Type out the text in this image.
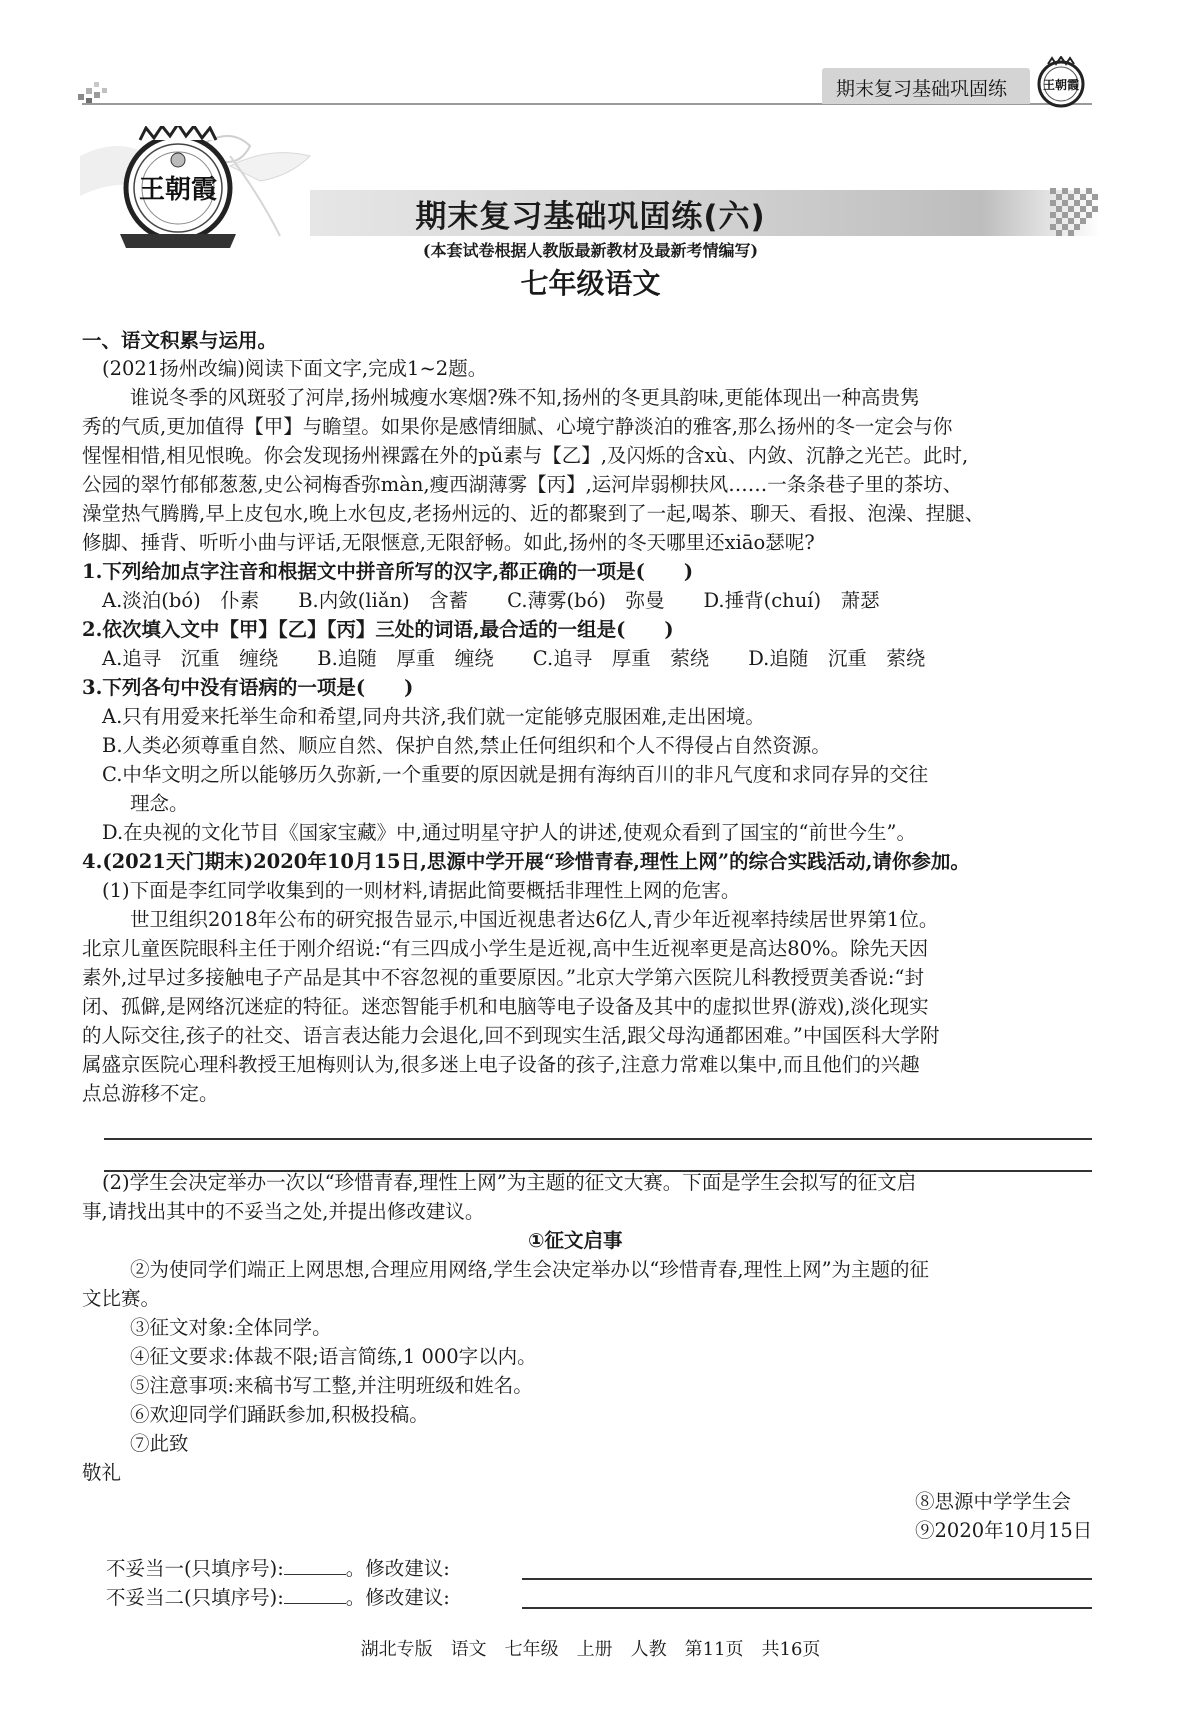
期末复习基础巩固练	王朝霞
王朝霞
期末复习基础巩固练(六)
(本套试卷根据人教版最新教材及最新考情编写)
七年级语文
一、语文积累与运用。
(2021扬州改编)阅读下面文字,完成1~2题。
谁说冬季的风斑驳了河岸,扬州城瘦水寒烟?殊不知,扬州的冬更具韵味,更能体现出一种高贵隽
秀的气质,更加值得【甲】与瞻望。如果你是感情细腻、心境宁静淡泊的雅客,那么扬州的冬一定会与你
惺惺相惜,相见恨晚。你会发现扬州裸露在外的pǔ素与【乙】,及闪烁的含xù、内敛、沉静之光芒。此时,
公园的翠竹郁郁葱葱,史公祠梅香弥màn,瘦西湖薄雾【丙】,运河岸弱柳扶风……一条条巷子里的茶坊、
澡堂热气腾腾,早上皮包水,晚上水包皮,老扬州远的、近的都聚到了一起,喝茶、聊天、看报、泡澡、捏腿、
修脚、捶背、听听小曲与评话,无限惬意,无限舒畅。如此,扬州的冬天哪里还xiāo瑟呢?
1.下列给加点字注音和根据文中拼音所写的汉字,都正确的一项是(　　)
A.淡泊(bó)　仆素　　B.内敛(liǎn)　含蓄　　C.薄雾(bó)　弥曼　　D.捶背(chuí)　萧瑟
2.依次填入文中【甲】【乙】【丙】三处的词语,最合适的一组是(　　)
A.追寻　沉重　缠绕　　B.追随　厚重　缠绕　　C.追寻　厚重　萦绕　　D.追随　沉重　萦绕
3.下列各句中没有语病的一项是(　　)
A.只有用爱来托举生命和希望,同舟共济,我们就一定能够克服困难,走出困境。
B.人类必须尊重自然、顺应自然、保护自然,禁止任何组织和个人不得侵占自然资源。
C.中华文明之所以能够历久弥新,一个重要的原因就是拥有海纳百川的非凡气度和求同存异的交往
理念。
D.在央视的文化节目《国家宝藏》中,通过明星守护人的讲述,使观众看到了国宝的“前世今生”。
4.(2021天门期末)2020年10月15日,思源中学开展“珍惜青春,理性上网”的综合实践活动,请你参加。
(1)下面是李红同学收集到的一则材料,请据此简要概括非理性上网的危害。
世卫组织2018年公布的研究报告显示,中国近视患者达6亿人,青少年近视率持续居世界第1位。
北京儿童医院眼科主任于刚介绍说:“有三四成小学生是近视,高中生近视率更是高达80%。除先天因
素外,过早过多接触电子产品是其中不容忽视的重要原因。”北京大学第六医院儿科教授贾美香说:“封
闭、孤僻,是网络沉迷症的特征。迷恋智能手机和电脑等电子设备及其中的虚拟世界(游戏),淡化现实
的人际交往,孩子的社交、语言表达能力会退化,回不到现实生活,跟父母沟通都困难。”中国医科大学附
属盛京医院心理科教授王旭梅则认为,很多迷上电子设备的孩子,注意力常难以集中,而且他们的兴趣
点总游移不定。
(2)学生会决定举办一次以“珍惜青春,理性上网”为主题的征文大赛。下面是学生会拟写的征文启
事,请找出其中的不妥当之处,并提出修改建议。
①征文启事
②为使同学们端正上网思想,合理应用网络,学生会决定举办以“珍惜青春,理性上网”为主题的征
文比赛。
③征文对象:全体同学。
④征文要求:体裁不限;语言简练,1 000字以内。
⑤注意事项:来稿书写工整,并注明班级和姓名。
⑥欢迎同学们踊跃参加,积极投稿。
⑦此致
敬礼
⑧思源中学学生会
⑨2020年10月15日
不妥当一(只填序号):	。修改建议:
不妥当二(只填序号):	。修改建议:
湖北专版　语文　七年级　上册　人教　第11页　共16页
